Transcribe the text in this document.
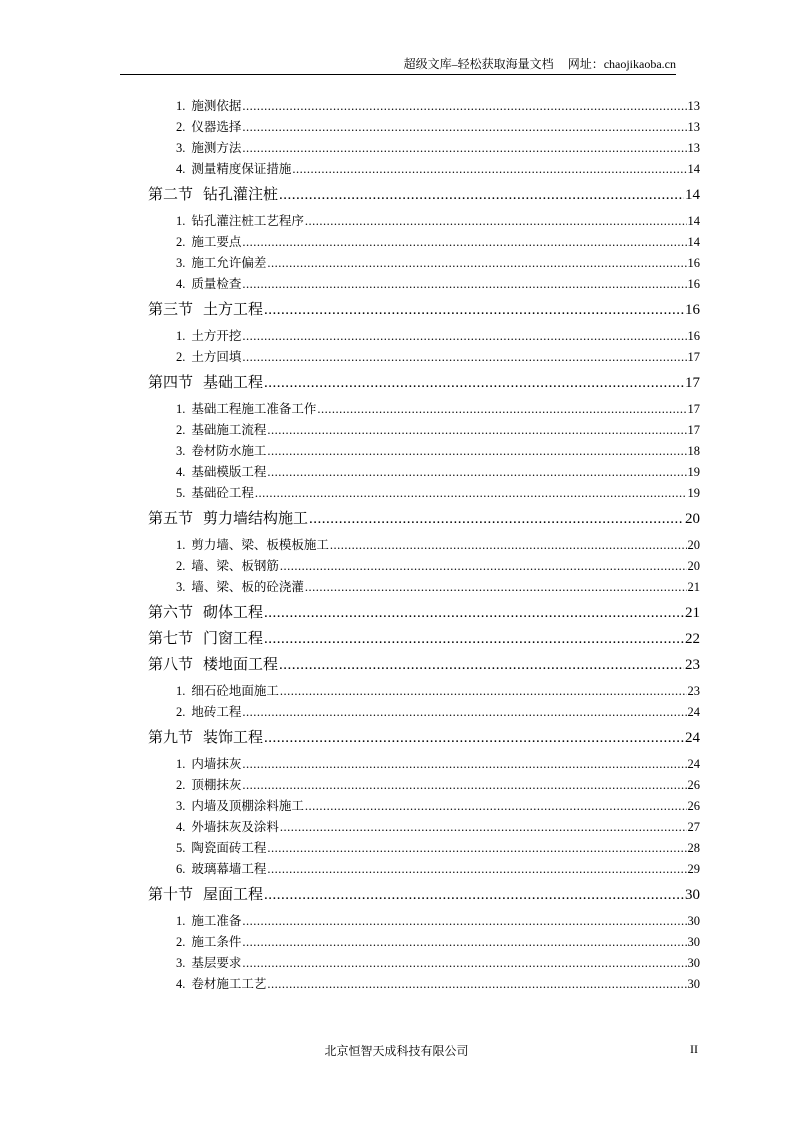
超级文库–轻松获取海量文档 网址：chaojikaoba.cn
1. 施测依据 .....	13
2. 仪器选择 .....	13
3. 施测方法 .....	13
4. 测量精度保证措施 .....	14
第二节 钻孔灌注桩 .....	14
1. 钻孔灌注桩工艺程序 .....	14
2. 施工要点 .....	14
3. 施工允许偏差 .....	16
4. 质量检查 .....	16
第三节 土方工程 .....	16
1. 土方开挖 .....	16
2. 土方回填 .....	17
第四节 基础工程 .....	17
1. 基础工程施工准备工作 .....	17
2. 基础施工流程 .....	17
3. 卷材防水施工 .....	18
4. 基础模版工程 .....	19
5. 基础砼工程 .....	19
第五节 剪力墙结构施工 .....	20
1. 剪力墙、梁、板模板施工 .....	20
2. 墙、梁、板钢筋 .....	20
3. 墙、梁、板的砼浇灌 .....	21
第六节 砌体工程 .....	21
第七节 门窗工程 .....	22
第八节 楼地面工程 .....	23
1. 细石砼地面施工 .....	23
2. 地砖工程 .....	24
第九节 装饰工程 .....	24
1. 内墙抹灰 .....	24
2. 顶棚抹灰 .....	26
3. 内墙及顶棚涂料施工 .....	26
4. 外墙抹灰及涂料 .....	27
5. 陶瓷面砖工程 .....	28
6. 玻璃幕墙工程 .....	29
第十节 屋面工程 .....	30
1. 施工准备 .....	30
2. 施工条件 .....	30
3. 基层要求 .....	30
4. 卷材施工工艺 .....	30
北京恒智天成科技有限公司	II
